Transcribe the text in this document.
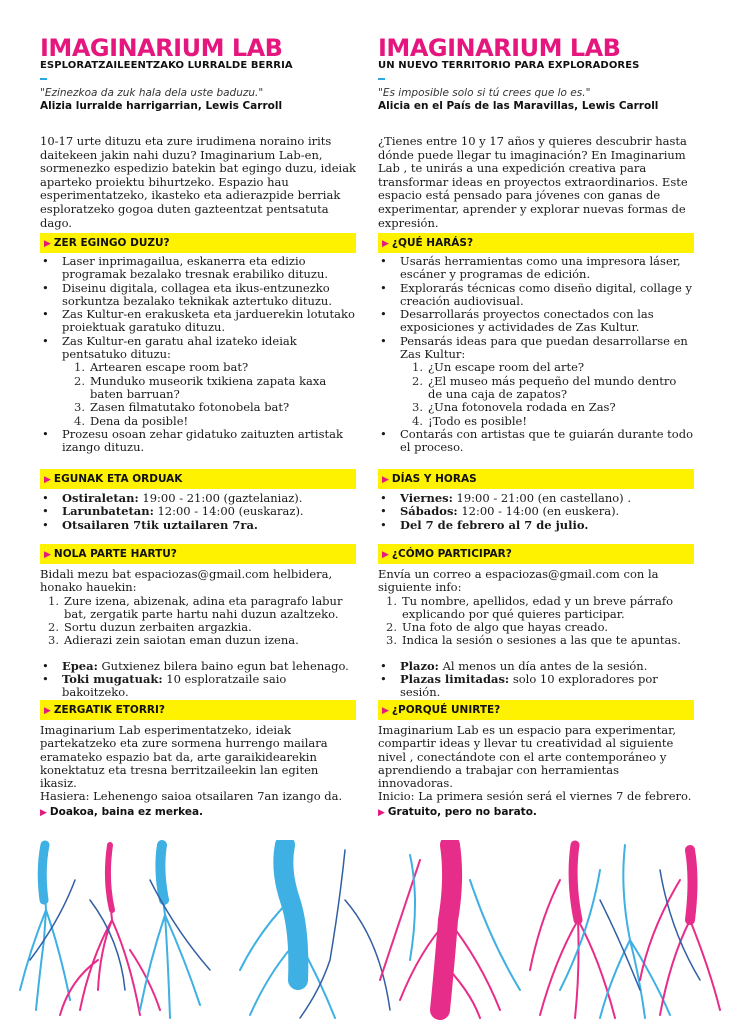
IMAGINARIUM LAB
ESPLORATZAILEENTZAKO LURRALDE BERRIA
"Ezinezkoa da zuk hala dela uste baduzu."
Alizia lurralde harrigarrian, Lewis Carroll
10-17 urte dituzu eta zure irudimena noraino irits daitekeen jakin nahi duzu? Imaginarium Lab-en, sormenezko espedizio batekin bat egingo duzu, ideiak aparteko proiektu bihurtzeko. Espazio hau esperimentatzeko, ikasteko eta adierazpide berriak esploratzeko gogoa duten gazteentzat pentsatuta dago.
▶ ZER EGINGO DUZU?
• Laser inprimagailua, eskanerra eta edizio programak bezalako tresnak erabiliko dituzu.
• Diseinu digitala, collagea eta ikus-entzunezko sorkuntza bezalako teknikak aztertuko dituzu.
• Zas Kultur-en erakusketa eta jarduerekin lotutako proiektuak garatuko dituzu.
• Zas Kultur-en garatu ahal izateko ideiak pentsatuko dituzu:
1. Artearen escape room bat?
2. Munduko museorik txikiena zapata kaxa baten barruan?
3. Zasen filmatutako fotonobela bat?
4. Dena da posible!
• Prozesu osoan zehar gidatuko zaituzten artistak izango dituzu.
▶ EGUNAK ETA ORDUAK
• Ostiraletan: 19:00 - 21:00 (gaztelaniaz).
• Larunbatetan: 12:00 - 14:00 (euskaraz).
• Otsailaren 7tik uztailaren 7ra.
▶ NOLA PARTE HARTU?
Bidali mezu bat espaciozas@gmail.com helbidera, honako hauekin:
1. Zure izena, abizenak, adina eta paragrafo labur bat, zergatik parte hartu nahi duzun azaltzeko.
2. Sortu duzun zerbaiten argazkia.
3. Adierazi zein saiotan eman duzun izena.
• Epea: Gutxienez bilera baino egun bat lehenago.
• Toki mugatuak: 10 esploratzaile saio bakoitzeko.
▶ ZERGATIK ETORRI?
Imaginarium Lab esperimentatzeko, ideiak partekatzeko eta zure sormena hurrengo mailara eramateko espazio bat da, arte garaikidearekin konektatuz eta tresna berritzaileekin lan egiten ikasiz.
Hasiera: Lehenengo saioa otsailaren 7an izango da.
▶ Doakoa, baina ez merkea.
IMAGINARIUM LAB
UN NUEVO TERRITORIO PARA EXPLORADORES
"Es imposible solo si tú crees que lo es."
Alicia en el País de las Maravillas, Lewis Carroll
¿Tienes entre 10 y 17 años y quieres descubrir hasta dónde puede llegar tu imaginación? En Imaginarium Lab , te unirás a una expedición creativa para transformar ideas en proyectos extraordinarios. Este espacio está pensado para jóvenes con ganas de experimentar, aprender y explorar nuevas formas de expresión.
▶ ¿QUÉ HARÁS?
• Usarás herramientas como una impresora láser, escáner y programas de edición.
• Explorarás técnicas como diseño digital, collage y creación audiovisual.
• Desarrollarás proyectos conectados con las exposiciones y actividades de Zas Kultur.
• Pensarás ideas para que puedan desarrollarse en Zas Kultur:
1. ¿Un escape room del arte?
2. ¿El museo más pequeño del mundo dentro de una caja de zapatos?
3. ¿Una fotonovela rodada en Zas?
4. ¡Todo es posible!
• Contarás con artistas que te guiarán durante todo el proceso.
▶ DÍAS Y HORAS
• Viernes: 19:00 - 21:00 (en castellano) .
• Sábados: 12:00 - 14:00 (en euskera).
• Del 7 de febrero al 7 de julio.
▶ ¿CÓMO PARTICIPAR?
Envía un correo a espaciozas@gmail.com con la siguiente info:
1. Tu nombre, apellidos, edad y un breve párrafo explicando por qué quieres participar.
2. Una foto de algo que hayas creado.
3. Indica la sesión o sesiones a las que te apuntas.
• Plazo: Al menos un día antes de la sesión.
• Plazas limitadas: solo 10 exploradores por sesión.
▶ ¿PORQUÉ UNIRTE?
Imaginarium Lab es un espacio para experimentar, compartir ideas y llevar tu creatividad al siguiente nivel , conectándote con el arte contemporáneo y aprendiendo a trabajar con herramientas innovadoras.
Inicio: La primera sesión será el viernes 7 de febrero.
▶ Gratuito, pero no barato.
